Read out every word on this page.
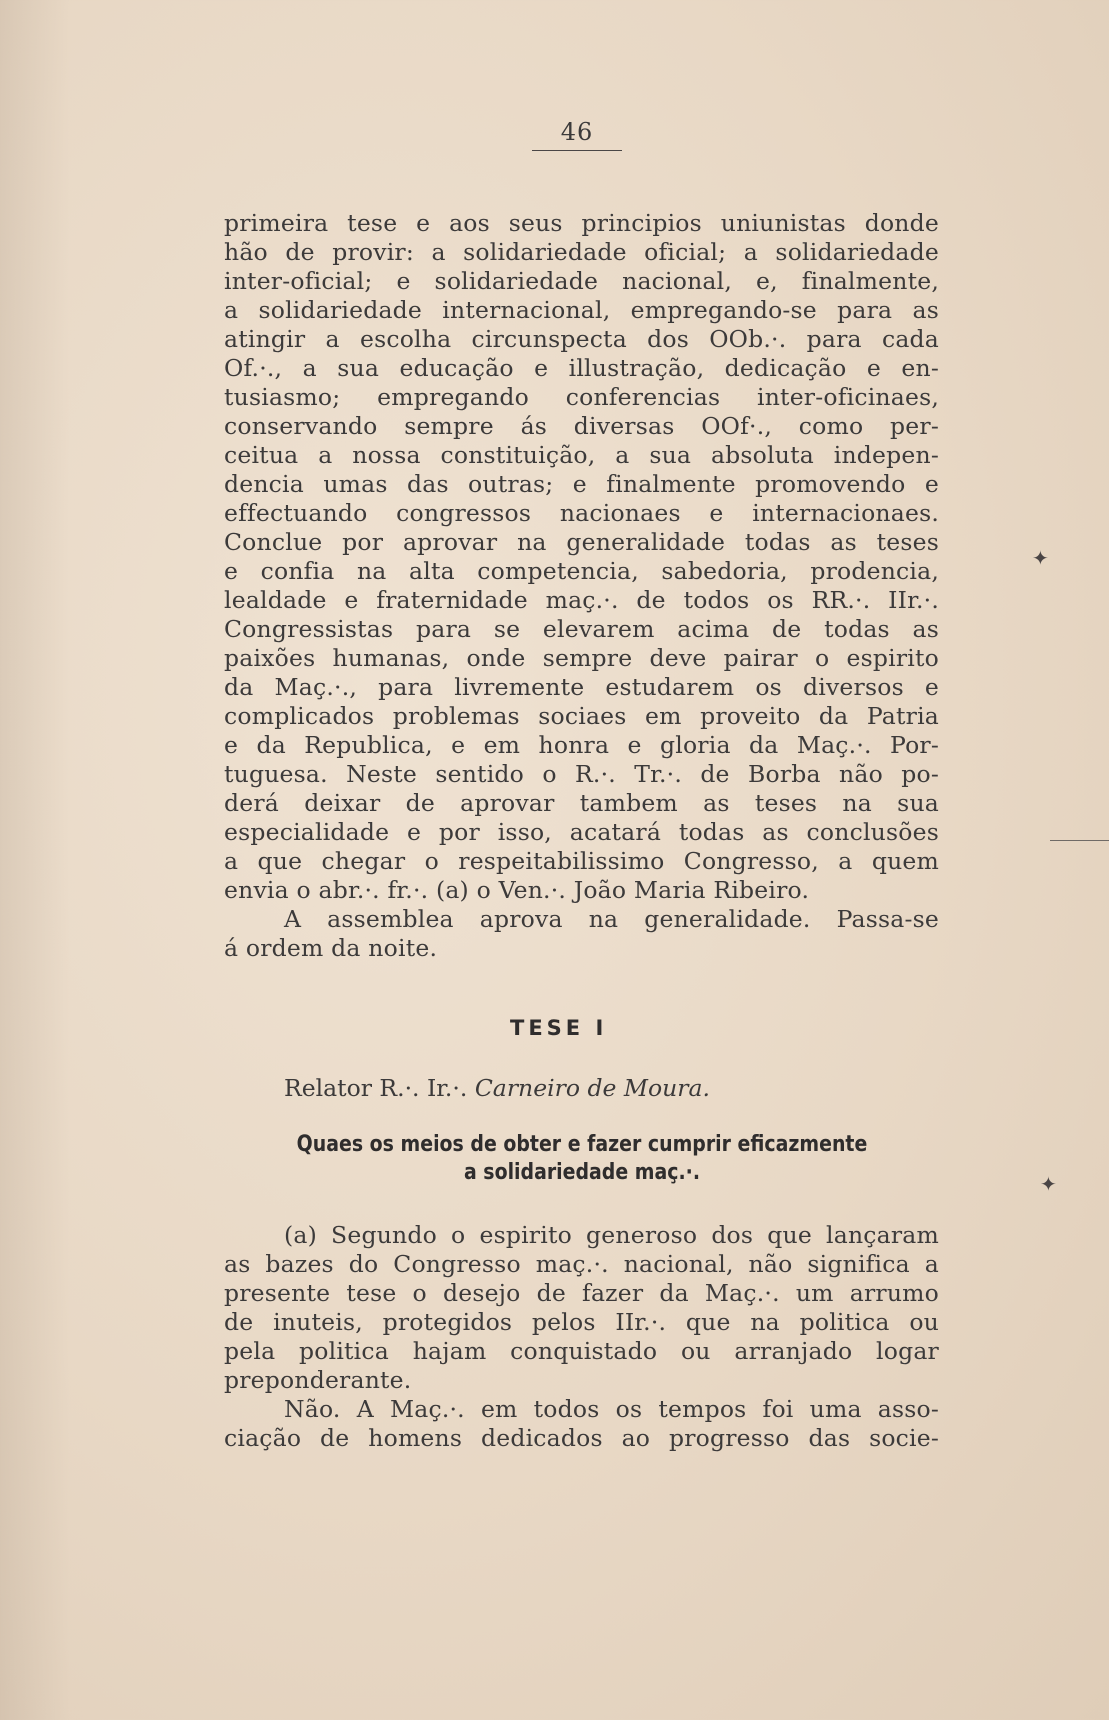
46
primeira tese e aos seus principios uniunistas donde
hão de provir: a solidariedade oficial; a solidariedade
inter-oficial; e solidariedade nacional, e, finalmente,
a solidariedade internacional, empregando-se para as
atingir a escolha circunspecta dos OOb.·. para cada
Of.·., a sua educação e illustração, dedicação e en-
tusiasmo; empregando conferencias inter-oficinaes,
conservando sempre ás diversas OOf·., como per-
ceitua a nossa constituição, a sua absoluta indepen-
dencia umas das outras; e finalmente promovendo e
effectuando congressos nacionaes e internacionaes.
Conclue por aprovar na generalidade todas as teses
e confia na alta competencia, sabedoria, prodencia,
lealdade e fraternidade maç.·. de todos os RR.·. IIr.·.
Congressistas para se elevarem acima de todas as
paixões humanas, onde sempre deve pairar o espirito
da Maç.·., para livremente estudarem os diversos e
complicados problemas sociaes em proveito da Patria
e da Republica, e em honra e gloria da Maç.·. Por-
tuguesa. Neste sentido o R.·. Tr.·. de Borba não po-
derá deixar de aprovar tambem as teses na sua
especialidade e por isso, acatará todas as conclusões
a que chegar o respeitabilissimo Congresso, a quem
envia o abr.·. fr.·. (a) o Ven.·. João Maria Ribeiro.
A assemblea aprova na generalidade. Passa-se
á ordem da noite.
TESE I
Relator R.·. Ir.·. Carneiro de Moura.
Quaes os meios de obter e fazer cumprir eficazmente
a solidariedade maç.·.
(a) Segundo o espirito generoso dos que lançaram
as bazes do Congresso maç.·. nacional, não significa a
presente tese o desejo de fazer da Maç.·. um arrumo
de inuteis, protegidos pelos IIr.·. que na politica ou
pela politica hajam conquistado ou arranjado logar
preponderante.
Não. A Maç.·. em todos os tempos foi uma asso-
ciação de homens dedicados ao progresso das socie-
✦
✦
